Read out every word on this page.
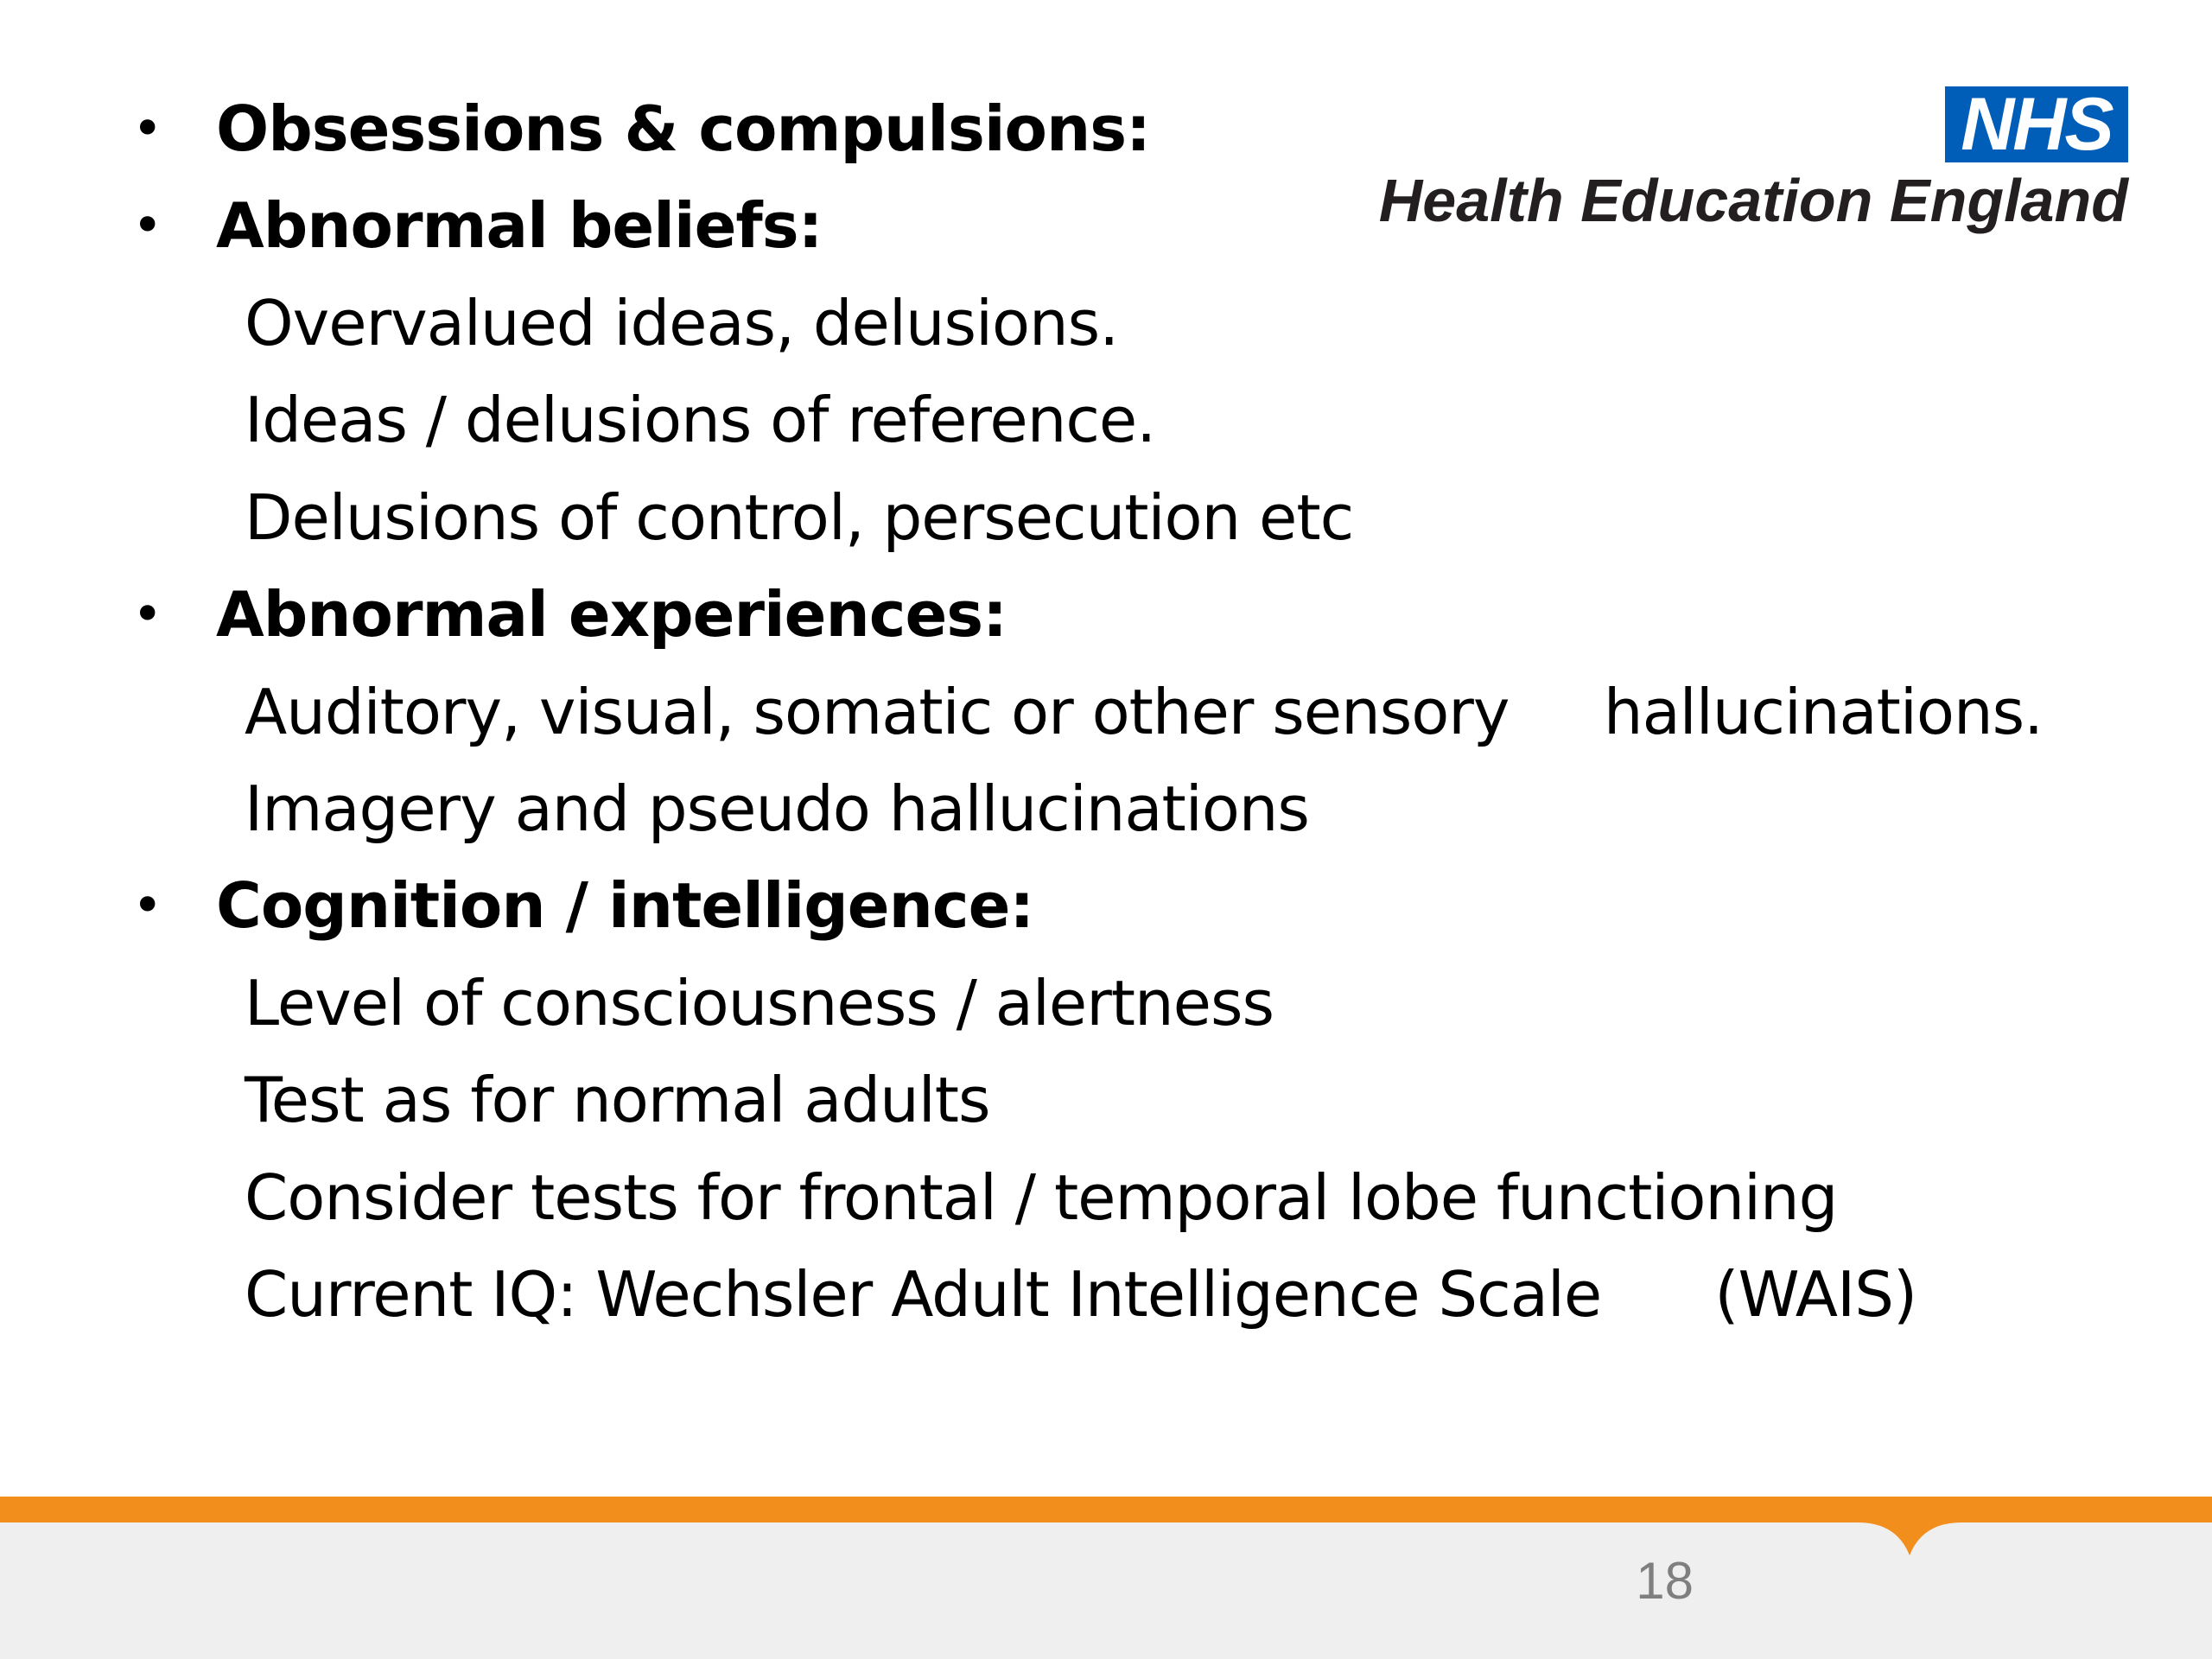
NHS
Health Education England
• Obsessions & compulsions:
• Abnormal beliefs:
Overvalued ideas, delusions.
Ideas / delusions of reference.
Delusions of control, persecution etc
• Abnormal experiences:
Auditory, visual, somatic or other sensory     hallucinations.
Imagery and pseudo hallucinations
• Cognition / intelligence:
Level of consciousness / alertness
Test as for normal adults
Consider tests for frontal / temporal lobe functioning
Current IQ: Wechsler Adult Intelligence Scale      (WAIS)
18
